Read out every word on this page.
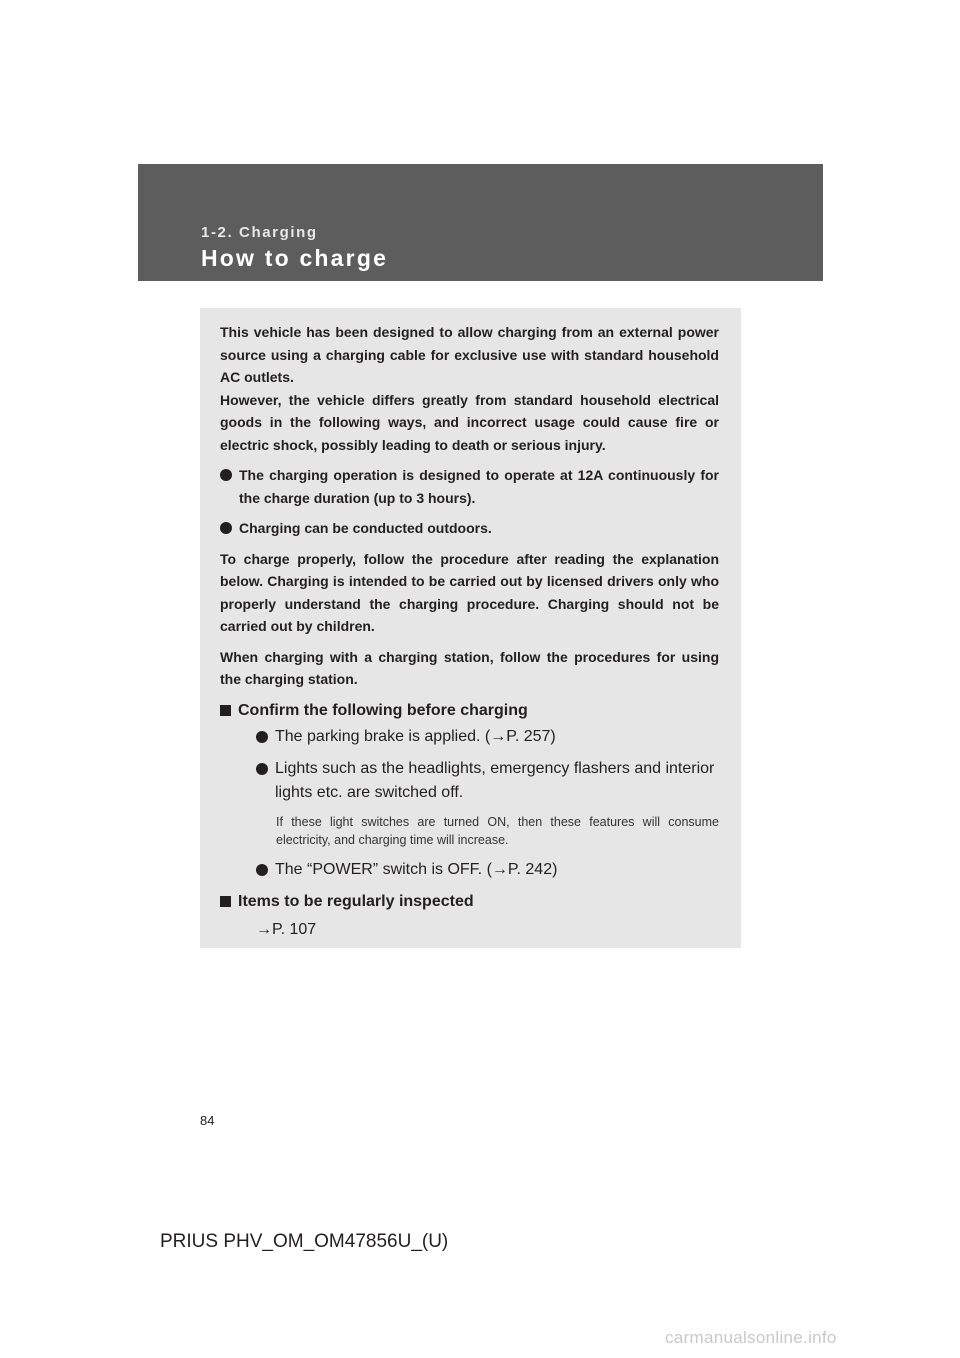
1-2. Charging
How to charge

This vehicle has been designed to allow charging from an external power source using a charging cable for exclusive use with standard household AC outlets.

However, the vehicle differs greatly from standard household electrical goods in the following ways, and incorrect usage could cause fire or electric shock, possibly leading to death or serious injury.

The charging operation is designed to operate at 12A continuously for the charge duration (up to 3 hours).
Charging can be conducted outdoors.

To charge properly, follow the procedure after reading the explanation below. Charging is intended to be carried out by licensed drivers only who properly understand the charging procedure. Charging should not be carried out by children.

When charging with a charging station, follow the procedures for using the charging station.

Confirm the following before charging
The parking brake is applied. (→P. 257)
Lights such as the headlights, emergency flashers and interior lights etc. are switched off.
If these light switches are turned ON, then these features will consume electricity, and charging time will increase.
The “POWER” switch is OFF. (→P. 242)
Items to be regularly inspected
→P. 107
84
PRIUS PHV_OM_OM47856U_(U)
carmanualsonline.info
